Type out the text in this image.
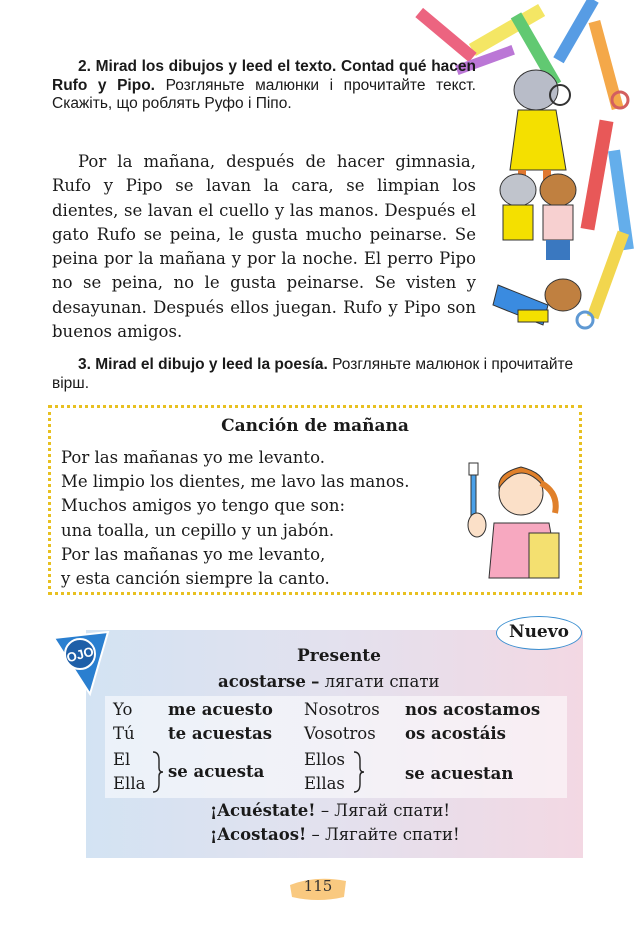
2. Mirad los dibujos y leed el texto. Contad qué hacen Rufo y Pipo. Розгляньте малюнки і прочитайте текст. Скажіть, що роблять Руфо і Піпо.
Por la mañana, después de hacer gimnasia, Rufo y Pipo se lavan la cara, se limpian los dientes, se lavan el cuello y las manos. Después el gato Rufo se peina, le gusta mucho peinarse. Se peina por la mañana y por la noche. El perro Pipo no se peina, no le gusta peinarse. Se visten y desayunan. Después ellos juegan. Rufo y Pipo son buenos amigos.
3. Mirad el dibujo y leed la poesía. Розгляньте малюнок і прочитайте вірш.
Canción de mañana
Por las mañanas yo me levanto.
Me limpio los dientes, me lavo las manos.
Muchos amigos yo tengo que son:
una toalla, un cepillo y un jabón.
Por las mañanas yo me levanto,
y esta canción siempre la canto.
OJO
Nuevo
Presente
acostarse – лягати спати
Yo me acuesto Nosotros nos acostamos
Tú te acuestas Vosotros os acostáis
El
Ella
se acuesta
Ellos
Ellas
se acuestan
¡Acuéstate! – Лягай спати!
¡Acostaos! – Лягайте спати!
115
